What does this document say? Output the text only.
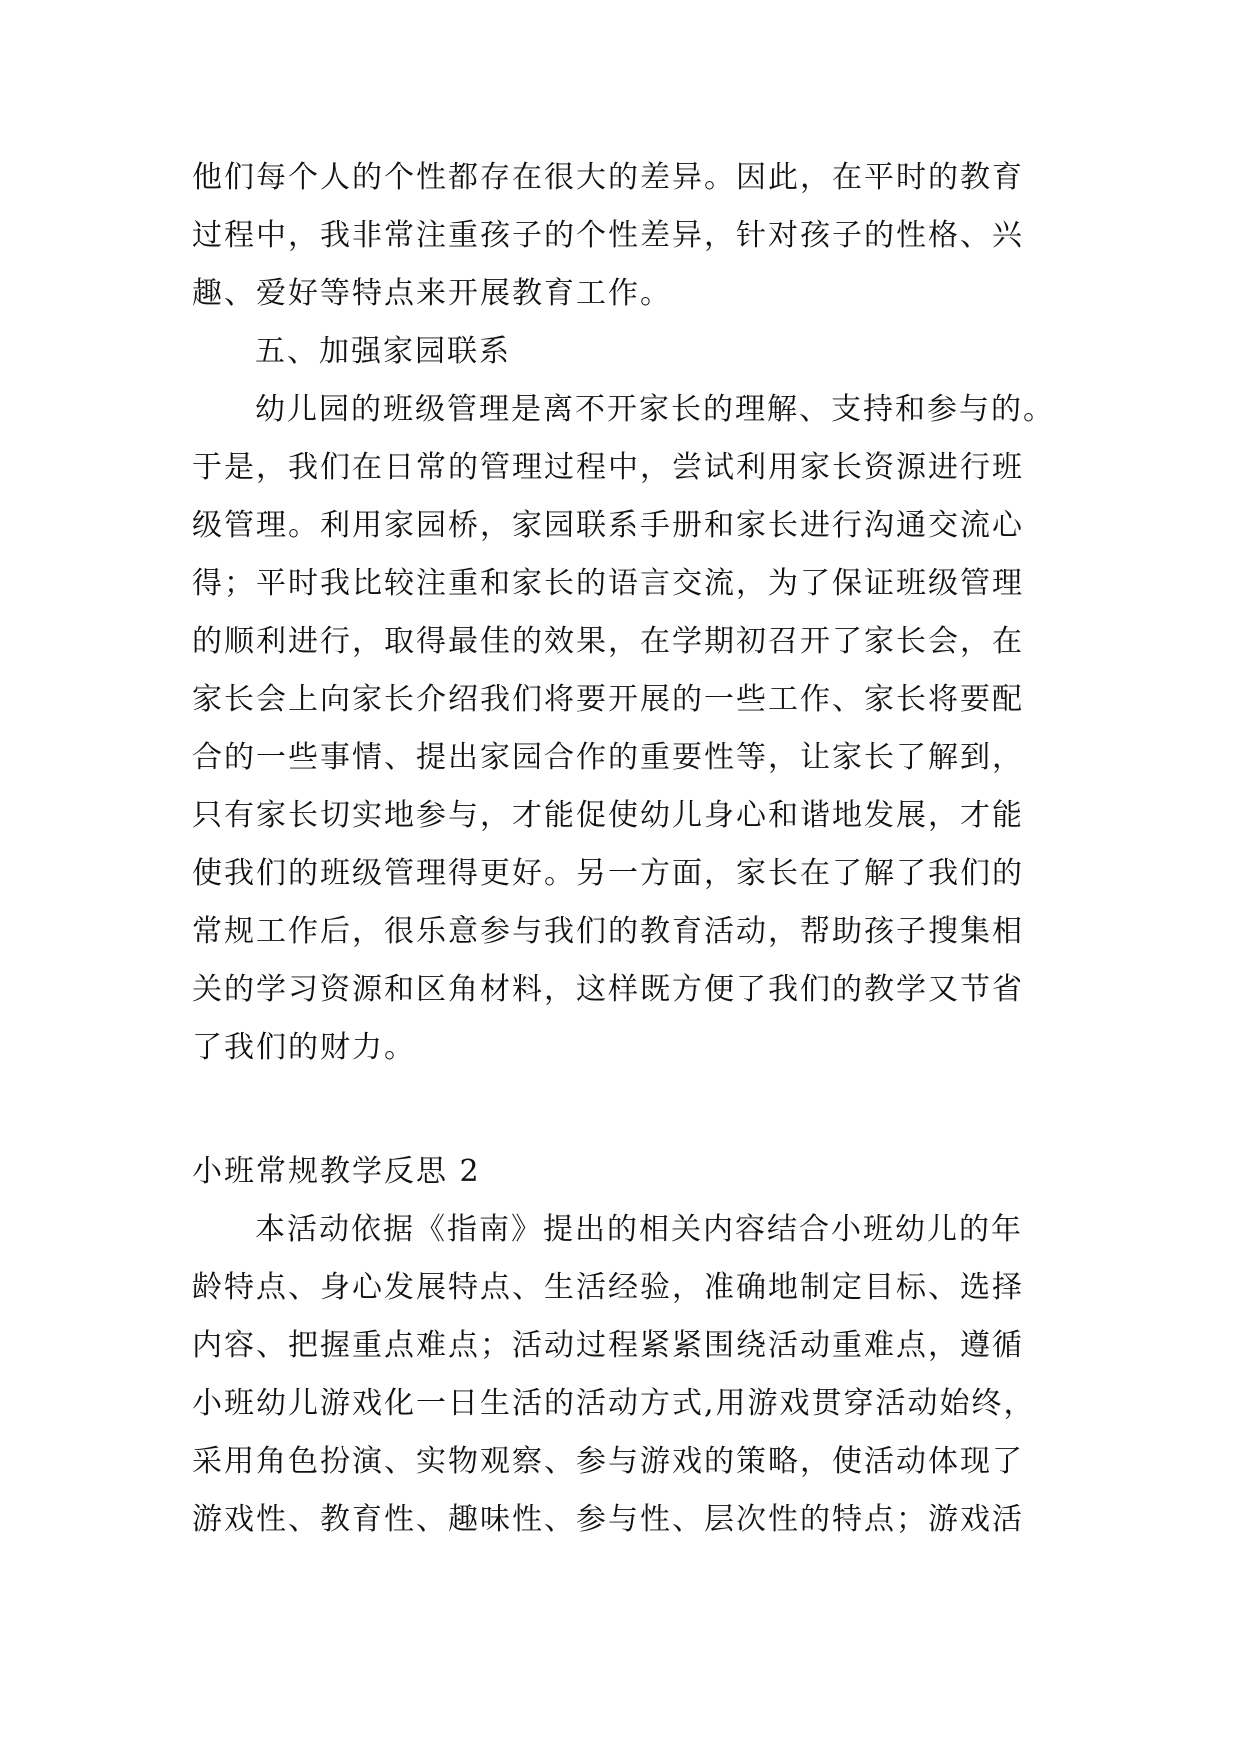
他们每个人的个性都存在很大的差异。因此，在平时的教育
过程中，我非常注重孩子的个性差异，针对孩子的性格、兴
趣、爱好等特点来开展教育工作。
五、加强家园联系
幼儿园的班级管理是离不开家长的理解、支持和参与的。
于是，我们在日常的管理过程中，尝试利用家长资源进行班
级管理。利用家园桥，家园联系手册和家长进行沟通交流心
得；平时我比较注重和家长的语言交流，为了保证班级管理
的顺利进行，取得最佳的效果，在学期初召开了家长会，在
家长会上向家长介绍我们将要开展的一些工作、家长将要配
合的一些事情、提出家园合作的重要性等，让家长了解到，
只有家长切实地参与，才能促使幼儿身心和谐地发展，才能
使我们的班级管理得更好。另一方面，家长在了解了我们的
常规工作后，很乐意参与我们的教育活动，帮助孩子搜集相
关的学习资源和区角材料，这样既方便了我们的教学又节省
了我们的财力。
小班常规教学反思 2
本活动依据《指南》提出的相关内容结合小班幼儿的年
龄特点、身心发展特点、生活经验，准确地制定目标、选择
内容、把握重点难点；活动过程紧紧围绕活动重难点，遵循
小班幼儿游戏化一日生活的活动方式,用游戏贯穿活动始终，
采用角色扮演、实物观察、参与游戏的策略，使活动体现了
游戏性、教育性、趣味性、参与性、层次性的特点；游戏活
